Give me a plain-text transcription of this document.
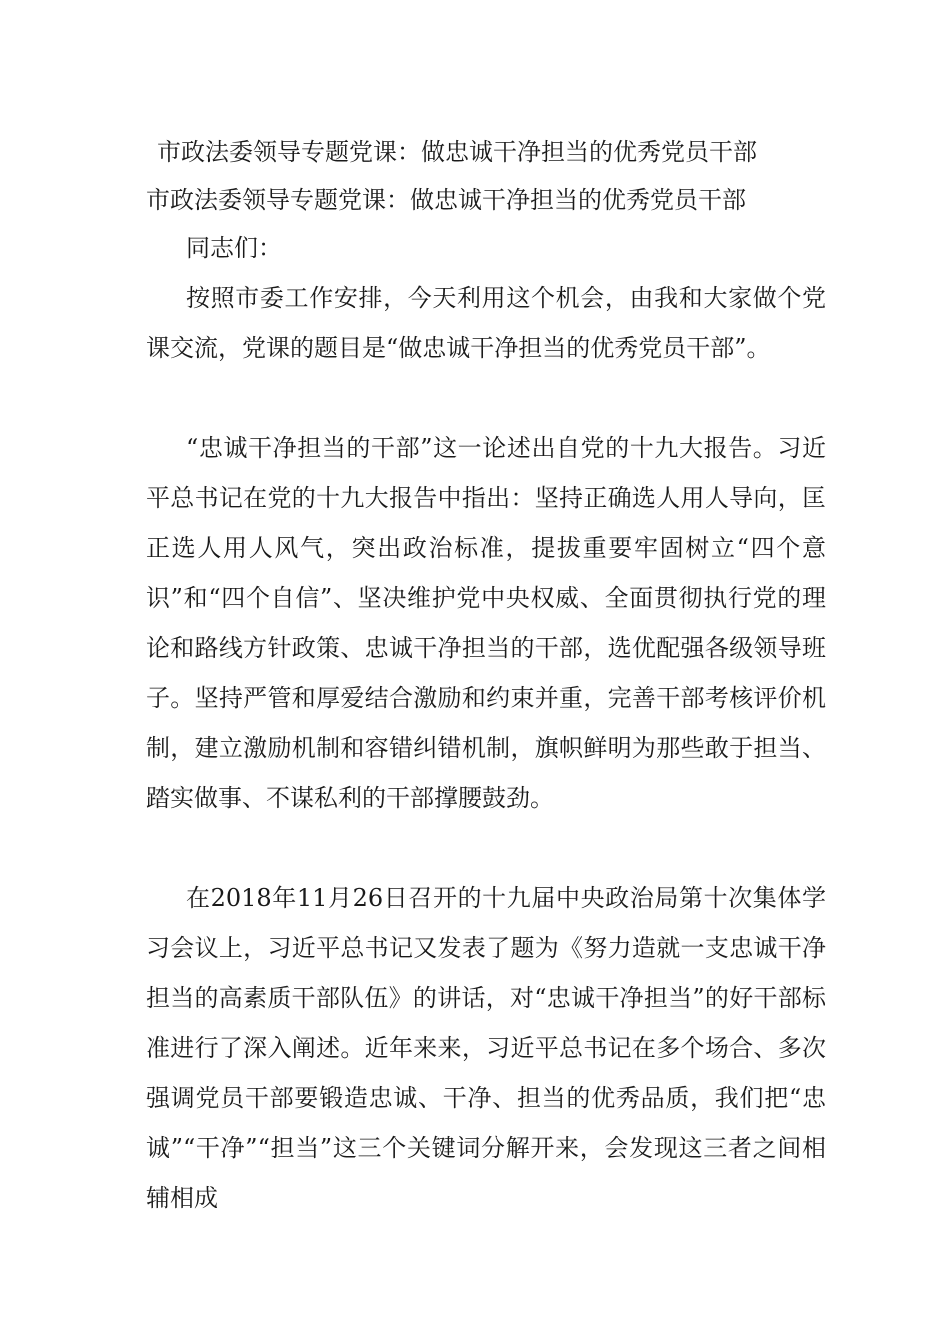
市政法委领导专题党课：做忠诚干净担当的优秀党员干部
市政法委领导专题党课：做忠诚干净担当的优秀党员干部

同志们：

按照市委工作安排，今天利用这个机会，由我和大家做个党课交流，党课的题目是“做忠诚干净担当的优秀党员干部”。

“忠诚干净担当的干部”这一论述出自党的十九大报告。习近平总书记在党的十九大报告中指出：坚持正确选人用人导向，匡正选人用人风气，突出政治标准，提拔重要牢固树立“四个意识”和“四个自信”、坚决维护党中央权威、全面贯彻执行党的理论和路线方针政策、忠诚干净担当的干部，选优配强各级领导班子。坚持严管和厚爱结合激励和约束并重，完善干部考核评价机制，建立激励机制和容错纠错机制，旗帜鲜明为那些敢于担当、踏实做事、不谋私利的干部撑腰鼓劲。

在2018年11月26日召开的十九届中央政治局第十次集体学习会议上，习近平总书记又发表了题为《努力造就一支忠诚干净担当的高素质干部队伍》的讲话，对“忠诚干净担当”的好干部标准进行了深入阐述。近年来来，习近平总书记在多个场合、多次强调党员干部要锻造忠诚、干净、担当的优秀品质，我们把“忠诚”“干净”“担当”这三个关键词分解开来，会发现这三者之间相辅相成
